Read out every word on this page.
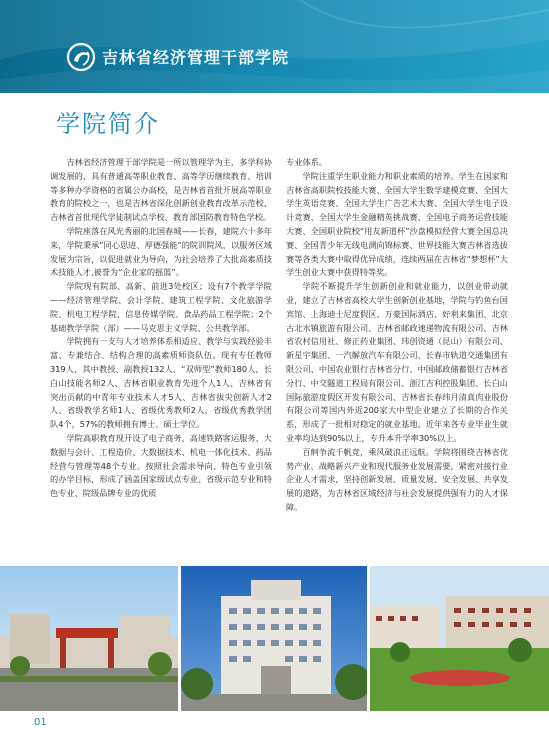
吉林省经济管理干部学院
学院简介

吉林省经济管理干部学院是一所以管理学为主，多学科协调发展的，具有普通高等职业教育、高等学历继续教育、培训等多种办学资格的省属公办高校，是吉林省首批开展高等职业教育的院校之一，也是吉林省深化创新创业教育改革示范校、吉林省首批现代学徒制试点学校、教育部国防教育特色学校。

学院座落在风光秀丽的北国春城——长春，建院六十多年来，学院秉承“同心思进、厚德强能”的院训院风，以服务区域发展为宗旨，以促进就业为导向，为社会培养了大批高素质技术技能人才,被誉为“企业家的摇篮”。

学院现有院部、高新、前进3处校区；设有7个教学学院——经济管理学院、会计学院、建筑工程学院、文化旅游学院、机电工程学院、信息传媒学院、食品药品工程学院；2个基础教学学院（部）——马克思主义学院、公共教学部。

学院拥有一支与人才培养体系相适应、教学与实践经验丰富、专兼结合、结构合理的高素质师资队伍。现有专任教师319人，其中教授、副教授132人、“双师型”教师180人，长白山技能名师2人、吉林省职业教育先进个人1人、吉林省有突出贡献的中青年专业技术人才5人、吉林省拔尖创新人才2人、省级教学名师1人、省级优秀教师2人、省级优秀教学团队4个，57%的教师拥有博士、硕士学位。

学院高职教育现开设了电子商务、高速铁路客运服务、大数据与会计、工程造价、大数据技术、机电一体化技术、药品经营与管理等48个专业。按照社会需求导向、特色专业引领的办学目标，形成了涵盖国家级试点专业、省级示范专业和特色专业、院级品牌专业的优质

专业体系。

学院注重学生职业能力和职业素质的培养。学生在国家和吉林省高职院校技能大赛、全国大学生数学建模竞赛、全国大学生英语竞赛、全国大学生广告艺术大赛、全国大学生电子设计竞赛、全国大学生金融精英挑战赛、全国电子商务运营技能大赛、全国职业院校“用友新道杯”沙盘模拟经营大赛全国总决赛、全国青少年无线电测向锦标赛、世界技能大赛吉林省选拔赛等各类大赛中取得优异成绩，连续两届在吉林省“梦想杯”大学生创业大赛中获得特等奖。

学院不断提升学生创新创业和就业能力，以创业带动就业，建立了吉林省高校大学生创新创业基地，学院与钓鱼台国宾馆、上海迪士尼度假区、万豪国际酒店、好利来集团、北京古北水镇旅游有限公司、吉林省邮政速递物流有限公司、吉林省农村信用社、修正药业集团、玮创资通（昆山）有限公司、新星宇集团、一汽解放汽车有限公司、长春市轨道交通集团有限公司、中国农业银行吉林省分行、中国邮政储蓄银行吉林省分行、中交隧道工程局有限公司、浙江吉利控股集团、长白山国际旅游度假区开发有限公司、吉林省长春纬月清真肉业股份有限公司等国内外近200家大中型企业建立了长期的合作关系，形成了一批相对稳定的就业基地。近年来各专业毕业生就业率均达到90%以上，专升本升学率30%以上。

百舸争流千帆竞，乘风破浪正远航。学院将围绕吉林省优势产业、战略新兴产业和现代服务业发展需要，紧密对接行业企业人才需求，坚持创新发展、质量发展、安全发展、共享发展的道路，为吉林省区域经济与社会发展提供强有力的人才保障。

01
